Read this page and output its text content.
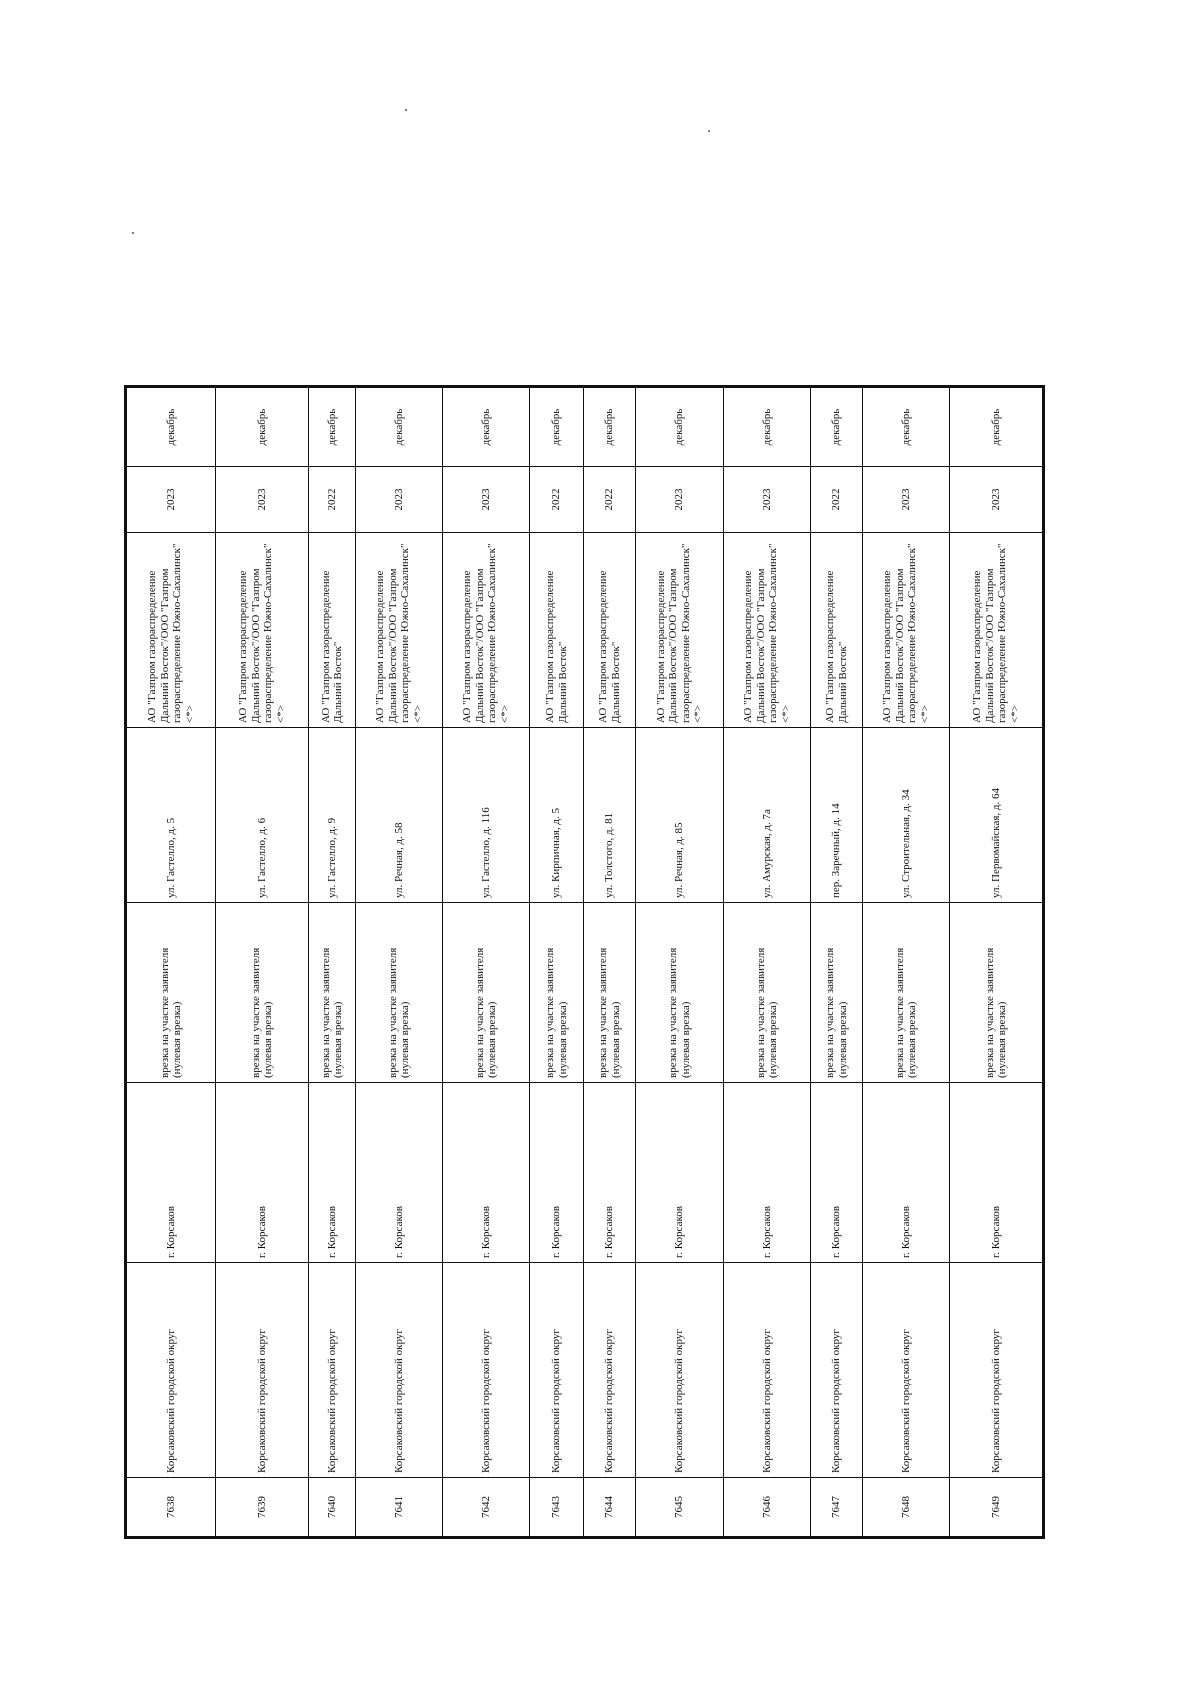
7638	Корсаковский городской округ	г. Корсаков	врезка на участке заявителя (нулевая врезка)	ул. Гастелло, д. 5	АО "Газпром газораспределение Дальний Восток"/ООО "Газпром газораспределение Южно-Сахалинск" <*>	2023	декабрь
7639	Корсаковский городской округ	г. Корсаков	врезка на участке заявителя (нулевая врезка)	ул. Гастелло, д. 6	АО "Газпром газораспределение Дальний Восток"/ООО "Газпром газораспределение Южно-Сахалинск" <*>	2023	декабрь
7640	Корсаковский городской округ	г. Корсаков	врезка на участке заявителя (нулевая врезка)	ул. Гастелло, д. 9	АО "Газпром газораспределение Дальний Восток"	2022	декабрь
7641	Корсаковский городской округ	г. Корсаков	врезка на участке заявителя (нулевая врезка)	ул. Речная, д. 58	АО "Газпром газораспределение Дальний Восток"/ООО "Газпром газораспределение Южно-Сахалинск" <*>	2023	декабрь
7642	Корсаковский городской округ	г. Корсаков	врезка на участке заявителя (нулевая врезка)	ул. Гастелло, д. 116	АО "Газпром газораспределение Дальний Восток"/ООО "Газпром газораспределение Южно-Сахалинск" <*>	2023	декабрь
7643	Корсаковский городской округ	г. Корсаков	врезка на участке заявителя (нулевая врезка)	ул. Кирпичная, д. 5	АО "Газпром газораспределение Дальний Восток"	2022	декабрь
7644	Корсаковский городской округ	г. Корсаков	врезка на участке заявителя (нулевая врезка)	ул. Толстого, д. 81	АО "Газпром газораспределение Дальний Восток"	2022	декабрь
7645	Корсаковский городской округ	г. Корсаков	врезка на участке заявителя (нулевая врезка)	ул. Речная, д. 85	АО "Газпром газораспределение Дальний Восток"/ООО "Газпром газораспределение Южно-Сахалинск" <*>	2023	декабрь
7646	Корсаковский городской округ	г. Корсаков	врезка на участке заявителя (нулевая врезка)	ул. Амурская, д. 7а	АО "Газпром газораспределение Дальний Восток"/ООО "Газпром газораспределение Южно-Сахалинск" <*>	2023	декабрь
7647	Корсаковский городской округ	г. Корсаков	врезка на участке заявителя (нулевая врезка)	пер. Заречный, д. 14	АО "Газпром газораспределение Дальний Восток"	2022	декабрь
7648	Корсаковский городской округ	г. Корсаков	врезка на участке заявителя (нулевая врезка)	ул. Строительная, д. 34	АО "Газпром газораспределение Дальний Восток"/ООО "Газпром газораспределение Южно-Сахалинск" <*>	2023	декабрь
7649	Корсаковский городской округ	г. Корсаков	врезка на участке заявителя (нулевая врезка)	ул. Первомайская, д. 64	АО "Газпром газораспределение Дальний Восток"/ООО "Газпром газораспределение Южно-Сахалинск" <*>	2023	декабрь
